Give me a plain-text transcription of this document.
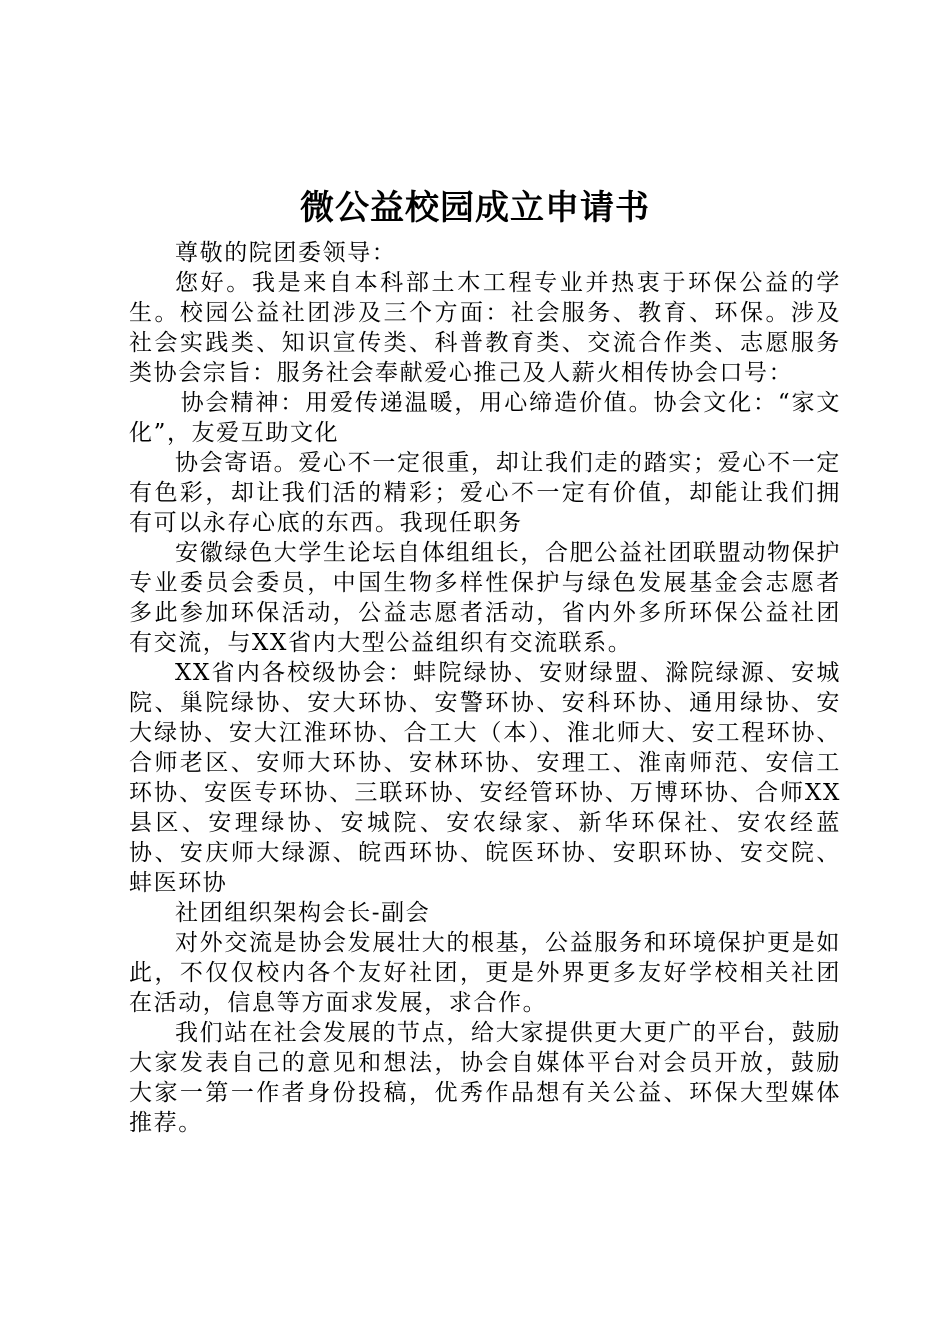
微公益校园成立申请书

尊敬的院团委领导：

您好。我是来自本科部土木工程专业并热衷于环保公益的学生。校园公益社团涉及三个方面：社会服务、教育、环保。涉及社会实践类、知识宣传类、科普教育类、交流合作类、志愿服务类协会宗旨：服务社会奉献爱心推己及人薪火相传协会口号：

协会精神：用爱传递温暖，用心缔造价值。协会文化：“家文化”，友爱互助文化

协会寄语。爱心不一定很重，却让我们走的踏实；爱心不一定有色彩，却让我们活的精彩；爱心不一定有价值，却能让我们拥有可以永存心底的东西。我现任职务

安徽绿色大学生论坛自体组组长，合肥公益社团联盟动物保护专业委员会委员，中国生物多样性保护与绿色发展基金会志愿者多此参加环保活动，公益志愿者活动，省内外多所环保公益社团有交流，与XX省内大型公益组织有交流联系。

XX省内各校级协会：蚌院绿协、安财绿盟、滁院绿源、安城院、巢院绿协、安大环协、安警环协、安科环协、通用绿协、安大绿协、安大江淮环协、合工大（本）、淮北师大、安工程环协、合师老区、安师大环协、安林环协、安理工、淮南师范、安信工环协、安医专环协、三联环协、安经管环协、万博环协、合师XX县区、安理绿协、安城院、安农绿家、新华环保社、安农经蓝协、安庆师大绿源、皖西环协、皖医环协、安职环协、安交院、蚌医环协

社团组织架构会长-副会

对外交流是协会发展壮大的根基，公益服务和环境保护更是如此，不仅仅校内各个友好社团，更是外界更多友好学校相关社团在活动，信息等方面求发展，求合作。

我们站在社会发展的节点，给大家提供更大更广的平台，鼓励大家发表自己的意见和想法，协会自媒体平台对会员开放，鼓励大家一第一作者身份投稿，优秀作品想有关公益、环保大型媒体推荐。
